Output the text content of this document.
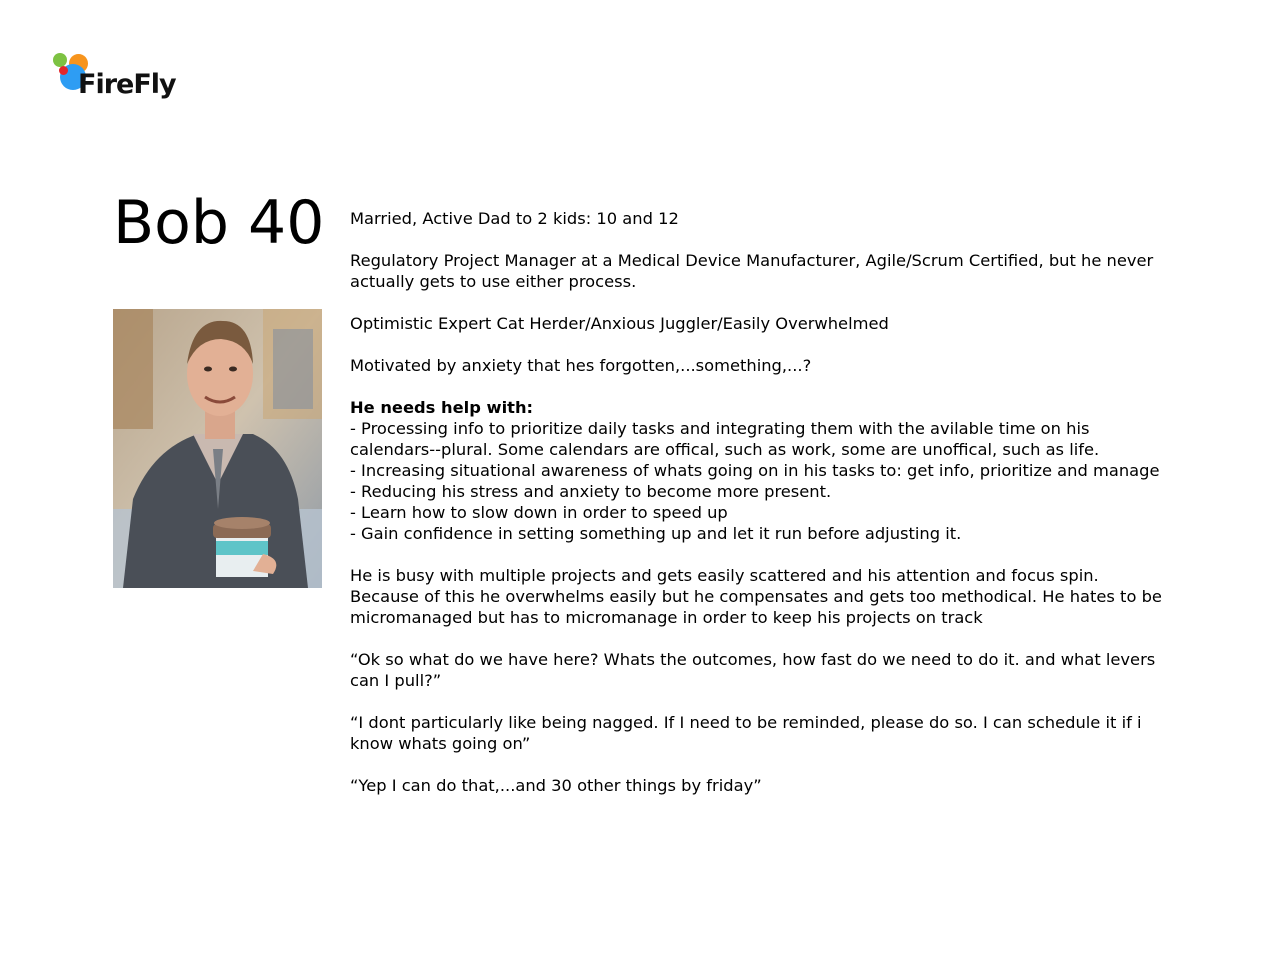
FireFly
Bob 40 Married, Active Dad to 2 kids: 10 and 12

Regulatory Project Manager at a Medical Device Manufacturer, Agile/Scrum Certified, but he never actually gets to use either process.

Optimistic Expert Cat Herder/Anxious Juggler/Easily Overwhelmed

Motivated by anxiety that hes forgotten,...something,...?

He needs help with:
- Processing info to prioritize daily tasks and integrating them with the avilable time on his calendars--plural. Some calendars are offical, such as work, some are unoffical, such as life.
- Increasing situational awareness of whats going on in his tasks to: get info, prioritize and manage
- Reducing his stress and anxiety to become more present.
- Learn how to slow down in order to speed up
- Gain confidence in setting something up and let it run before adjusting it.

He is busy with multiple projects and gets easily scattered and his attention and focus spin. Because of this he overwhelms easily but he compensates and gets too methodical. He hates to be micromanaged but has to micromanage in order to keep his projects on track

“Ok so what do we have here? Whats the outcomes, how fast do we need to do it. and what levers can I pull?”

“I dont particularly like being nagged. If I need to be reminded, please do so. I can schedule it if i know whats going on”

“Yep I can do that,...and 30 other things by friday”
